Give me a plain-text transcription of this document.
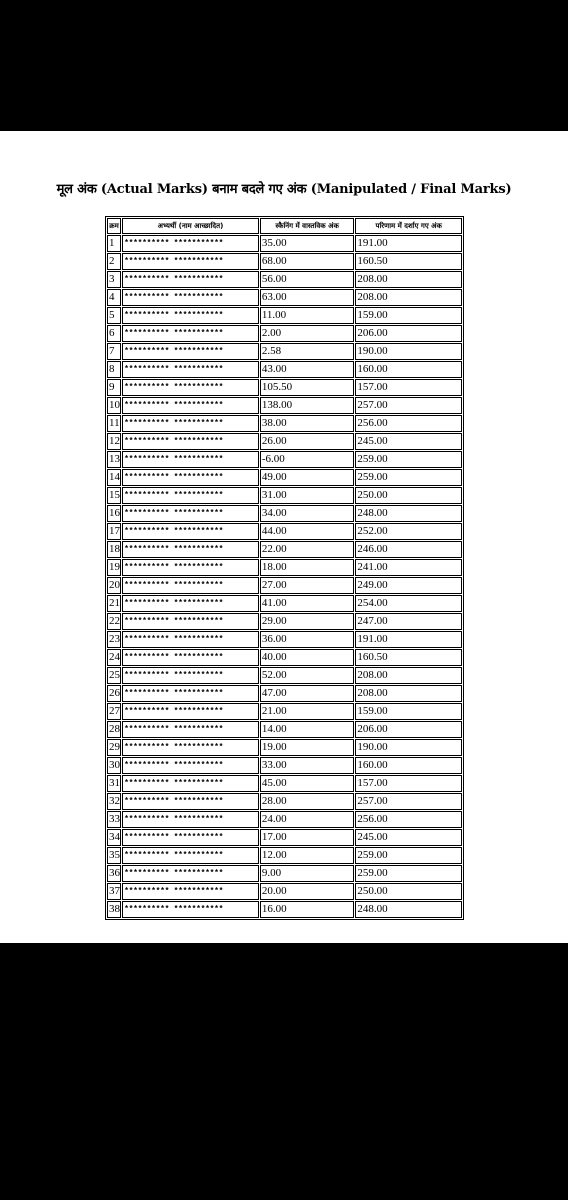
मूल अंक (Actual Marks) बनाम बदले गए अंक (Manipulated / Final Marks)
क्रम	अभ्यर्थी (नाम आच्छादित)	स्कैनिंग में वास्तविक अंक	परिणाम में दर्शाए गए अंक
1	********** ***********	35.00	191.00
2	********** ***********	68.00	160.50
3	********** ***********	56.00	208.00
4	********** ***********	63.00	208.00
5	********** ***********	11.00	159.00
6	********** ***********	2.00	206.00
7	********** ***********	2.58	190.00
8	********** ***********	43.00	160.00
9	********** ***********	105.50	157.00
10	********** ***********	138.00	257.00
11	********** ***********	38.00	256.00
12	********** ***********	26.00	245.00
13	********** ***********	-6.00	259.00
14	********** ***********	49.00	259.00
15	********** ***********	31.00	250.00
16	********** ***********	34.00	248.00
17	********** ***********	44.00	252.00
18	********** ***********	22.00	246.00
19	********** ***********	18.00	241.00
20	********** ***********	27.00	249.00
21	********** ***********	41.00	254.00
22	********** ***********	29.00	247.00
23	********** ***********	36.00	191.00
24	********** ***********	40.00	160.50
25	********** ***********	52.00	208.00
26	********** ***********	47.00	208.00
27	********** ***********	21.00	159.00
28	********** ***********	14.00	206.00
29	********** ***********	19.00	190.00
30	********** ***********	33.00	160.00
31	********** ***********	45.00	157.00
32	********** ***********	28.00	257.00
33	********** ***********	24.00	256.00
34	********** ***********	17.00	245.00
35	********** ***********	12.00	259.00
36	********** ***********	9.00	259.00
37	********** ***********	20.00	250.00
38	********** ***********	16.00	248.00
